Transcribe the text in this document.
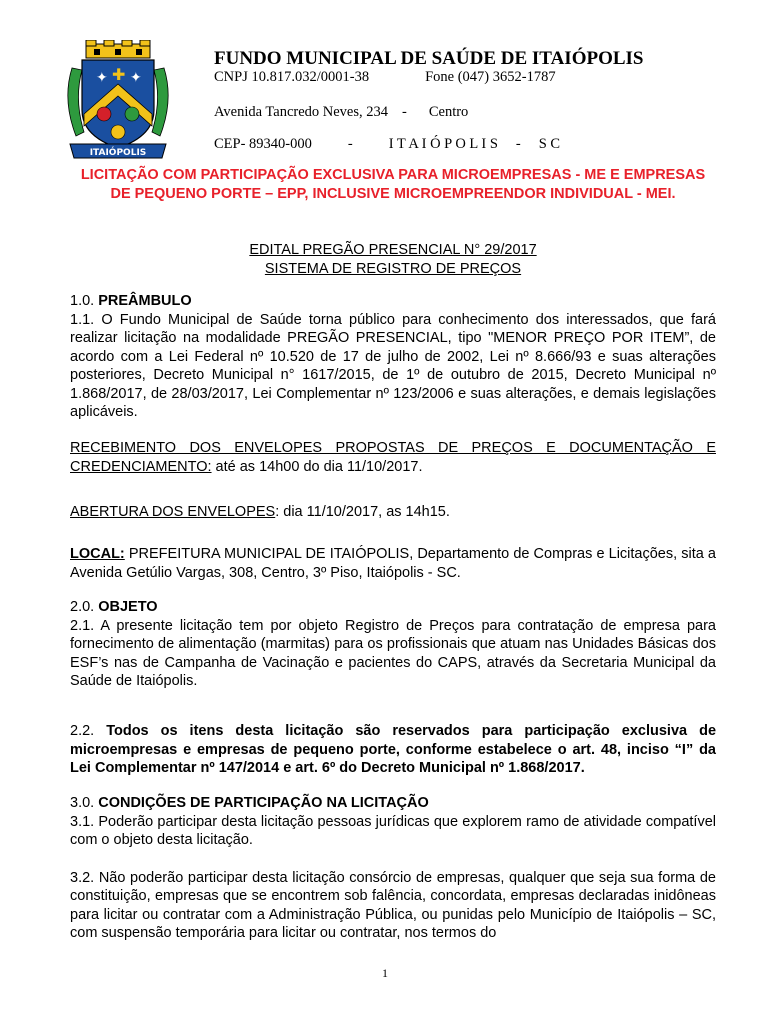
✦ ✦
✚
ITAIÓPOLIS
FUNDO MUNICIPAL DE SAÚDE DE ITAIÓPOLIS
CNPJ 10.817.032/0001-38	Fone (047) 3652-1787
Avenida Tancredo Neves, 234 - Centro
CEP- 89340-000 - I T A I Ó P O L I S - S C
LICITAÇÃO COM PARTICIPAÇÃO EXCLUSIVA PARA MICROEMPRESAS - ME E EMPRESAS DE PEQUENO PORTE – EPP, INCLUSIVE MICROEMPREENDOR INDIVIDUAL - MEI.
EDITAL PREGÃO PRESENCIAL N° 29/2017
SISTEMA DE REGISTRO DE PREÇOS

1.0. PREÂMBULO

1.1. O Fundo Municipal de Saúde torna público para conhecimento dos interessados, que fará realizar licitação na modalidade PREGÃO PRESENCIAL, tipo "MENOR PREÇO POR ITEM”, de acordo com a Lei Federal nº 10.520 de 17 de julho de 2002, Lei nº 8.666/93 e suas alterações posteriores, Decreto Municipal n° 1617/2015, de 1º de outubro de 2015, Decreto Municipal nº 1.868/2017, de 28/03/2017, Lei Complementar nº 123/2006 e suas alterações, e demais legislações aplicáveis.

RECEBIMENTO DOS ENVELOPES PROPOSTAS DE PREÇOS E DOCUMENTAÇÃO E CREDENCIAMENTO: até as 14h00 do dia 11/10/2017.

ABERTURA DOS ENVELOPES: dia 11/10/2017, as 14h15.

LOCAL: PREFEITURA MUNICIPAL DE ITAIÓPOLIS, Departamento de Compras e Licitações, sita a Avenida Getúlio Vargas, 308, Centro, 3º Piso, Itaiópolis - SC.

2.0. OBJETO

2.1. A presente licitação tem por objeto Registro de Preços para contratação de empresa para fornecimento de alimentação (marmitas) para os profissionais que atuam nas Unidades Básicas dos ESF’s nas de Campanha de Vacinação e pacientes do CAPS, através da Secretaria Municipal da Saúde de Itaiópolis.

2.2. Todos os itens desta licitação são reservados para participação exclusiva de microempresas e empresas de pequeno porte, conforme estabelece o art. 48, inciso “I” da Lei Complementar nº 147/2014 e art. 6º do Decreto Municipal nº 1.868/2017.

3.0. CONDIÇÕES DE PARTICIPAÇÃO NA LICITAÇÃO

3.1. Poderão participar desta licitação pessoas jurídicas que explorem ramo de atividade compatível com o objeto desta licitação.

3.2. Não poderão participar desta licitação consórcio de empresas, qualquer que seja sua forma de constituição, empresas que se encontrem sob falência, concordata, empresas declaradas inidôneas para licitar ou contratar com a Administração Pública, ou punidas pelo Município de Itaiópolis – SC, com suspensão temporária para licitar ou contratar, nos termos do

1
